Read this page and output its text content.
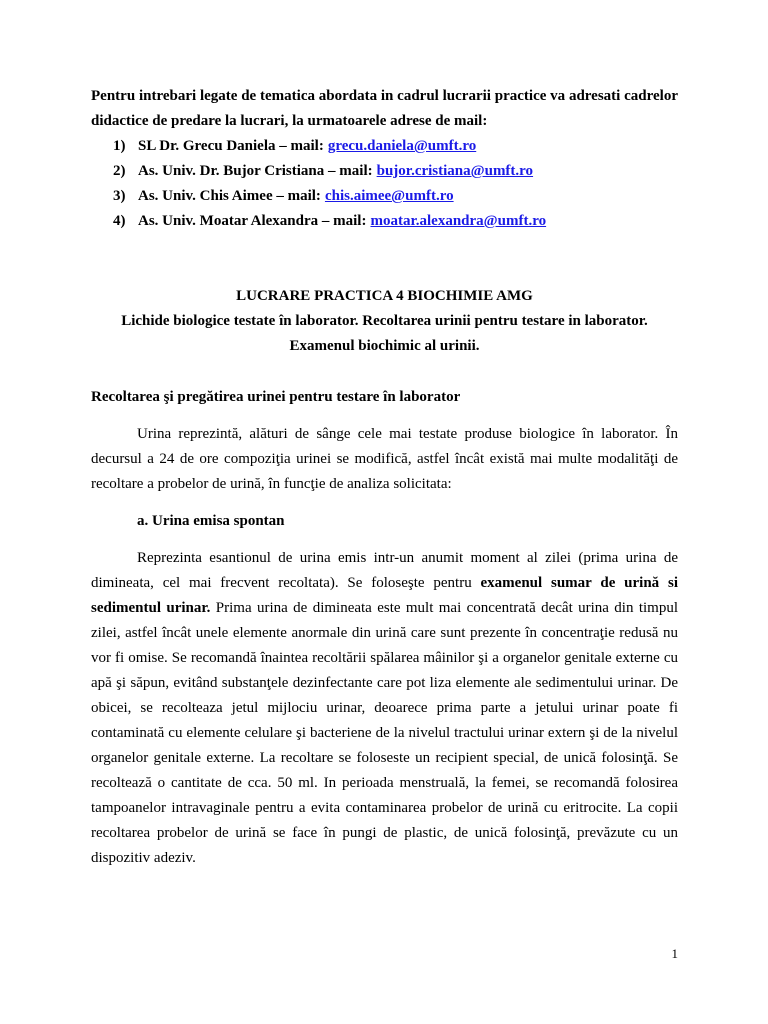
Pentru intrebari legate de tematica abordata in cadrul lucrarii practice va adresati cadrelor didactice de predare la lucrari, la urmatoarele adrese de mail:
1) SL Dr. Grecu Daniela – mail: grecu.daniela@umft.ro
2) As. Univ. Dr. Bujor Cristiana – mail: bujor.cristiana@umft.ro
3) As. Univ. Chis Aimee – mail: chis.aimee@umft.ro
4) As. Univ. Moatar Alexandra – mail: moatar.alexandra@umft.ro
LUCRARE PRACTICA 4 BIOCHIMIE AMG
Lichide biologice testate în laborator. Recoltarea urinii pentru testare in laborator.
Examenul biochimic al urinii.
Recoltarea şi pregătirea urinei pentru testare în laborator

Urina reprezintă, alături de sânge cele mai testate produse biologice în laborator. În decursul a 24 de ore compoziţia urinei se modifică, astfel încât există mai multe modalităţi de recoltare a probelor de urină, în funcţie de analiza solicitata:

a. Urina emisa spontan

Reprezinta esantionul de urina emis intr-un anumit moment al zilei (prima urina de dimineata, cel mai frecvent recoltata). Se foloseşte pentru examenul sumar de urină si sedimentul urinar. Prima urina de dimineata este mult mai concentrată decât urina din timpul zilei, astfel încât unele elemente anormale din urină care sunt prezente în concentraţie redusă nu vor fi omise. Se recomandă înaintea recoltării spălarea mâinilor şi a organelor genitale externe cu apă şi săpun, evitând substanţele dezinfectante care pot liza elemente ale sedimentului urinar. De obicei, se recolteaza jetul mijlociu urinar, deoarece prima parte a jetului urinar poate fi contaminată cu elemente celulare şi bacteriene de la nivelul tractului urinar extern şi de la nivelul organelor genitale externe. La recoltare se foloseste un recipient special, de unică folosinţă. Se recoltează o cantitate de cca. 50 ml. In perioada menstruală, la femei, se recomandă folosirea tampoanelor intravaginale pentru a evita contaminarea probelor de urină cu eritrocite. La copii recoltarea probelor de urină se face în pungi de plastic, de unică folosinţă, prevăzute cu un dispozitiv adeziv.

1
